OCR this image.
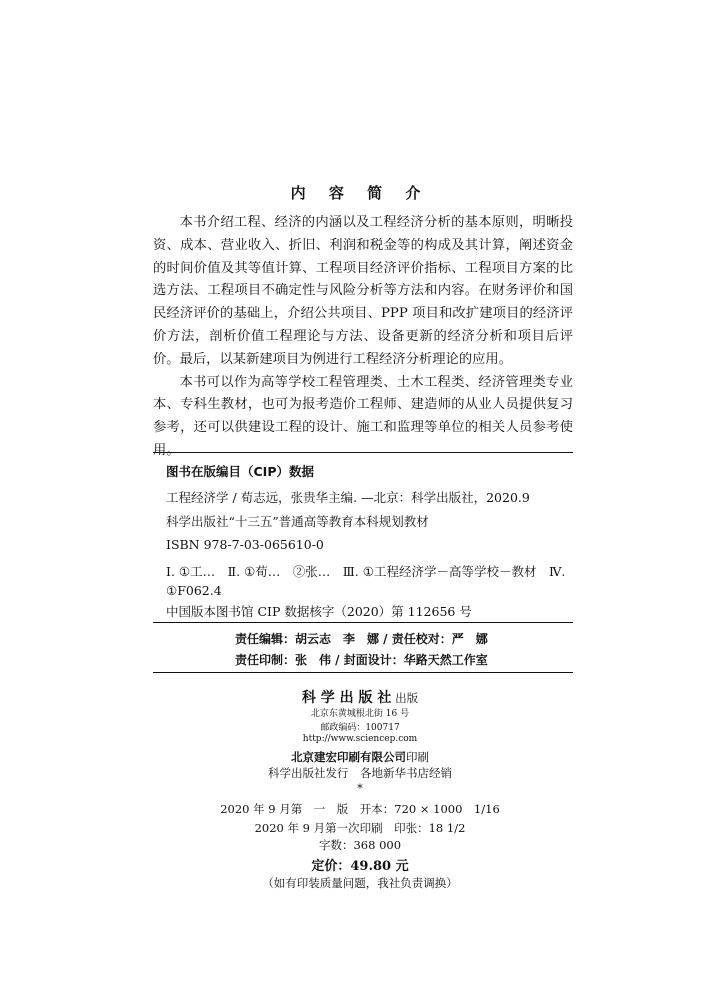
内 容 简 介

本书介绍工程、经济的内涵以及工程经济分析的基本原则，明晰投资、成本、营业收入、折旧、利润和税金等的构成及其计算，阐述资金的时间价值及其等值计算、工程项目经济评价指标、工程项目方案的比选方法、工程项目不确定性与风险分析等方法和内容。在财务评价和国民经济评价的基础上，介绍公共项目、PPP 项目和改扩建项目的经济评价方法，剖析价值工程理论与方法、设备更新的经济分析和项目后评价。最后，以某新建项目为例进行工程经济分析理论的应用。

本书可以作为高等学校工程管理类、土木工程类、经济管理类专业本、专科生教材，也可为报考造价工程师、建造师的从业人员提供复习参考，还可以供建设工程的设计、施工和监理等单位的相关人员参考使用。

图书在版编目（CIP）数据
工程经济学 / 荀志远，张贵华主编. —北京：科学出版社，2020.9
科学出版社“十三五”普通高等教育本科规划教材
ISBN 978-7-03-065610-0
Ⅰ. ①工…　Ⅱ. ①荀…　②张…　Ⅲ. ①工程经济学－高等学校－教材　Ⅳ. ①F062.4
中国版本图书馆 CIP 数据核字（2020）第 112656 号
责任编辑：胡云志　李　娜 / 责任校对：严　娜
责任印制：张　伟 / 封面设计：华路天然工作室
科 学 出 版 社 出版
北京东黄城根北街 16 号
邮政编码：100717
http://www.sciencep.com
北京建宏印刷有限公司印刷
科学出版社发行　各地新华书店经销
*
2020 年 9 月第　一　版　开本：720 × 1000　1/16
2020 年 9 月第一次印刷　印张：18 1/2
字数：368 000
定价：49.80 元
（如有印装质量问题，我社负责调换）
